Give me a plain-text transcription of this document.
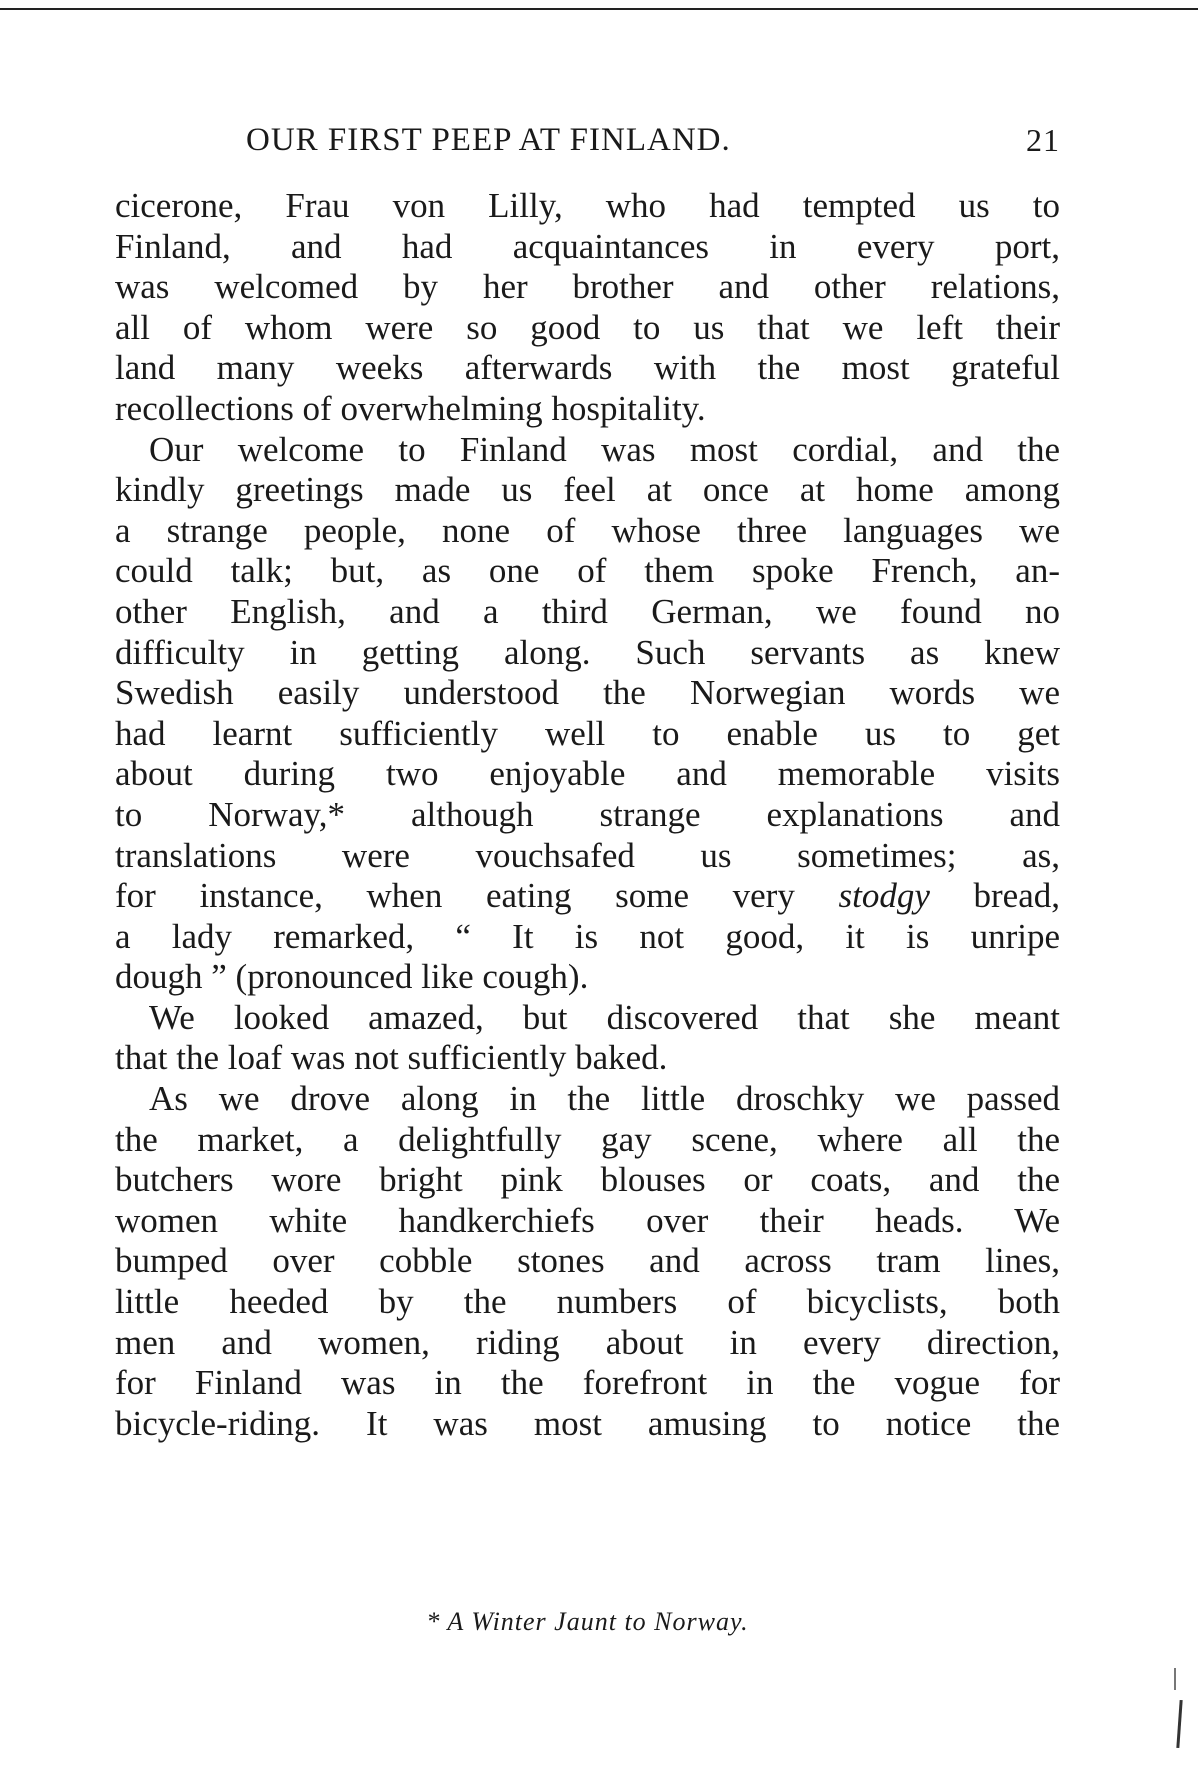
OUR FIRST PEEP AT FINLAND.	21
cicerone, Frau von Lilly, who had tempted us to
Finland, and had acquaintances in every port,
was welcomed by her brother and other relations,
all of whom were so good to us that we left their
land many weeks afterwards with the most grateful
recollections of overwhelming hospitality.
Our welcome to Finland was most cordial, and the
kindly greetings made us feel at once at home among
a strange people, none of whose three languages we
could talk; but, as one of them spoke French, an-
other English, and a third German, we found no
difficulty in getting along. Such servants as knew
Swedish easily understood the Norwegian words we
had learnt sufficiently well to enable us to get
about during two enjoyable and memorable visits
to Norway,* although strange explanations and
translations were vouchsafed us sometimes; as,
for instance, when eating some very stodgy bread,
a lady remarked, “ It is not good, it is unripe
dough ” (pronounced like cough).
We looked amazed, but discovered that she meant
that the loaf was not sufficiently baked.
As we drove along in the little droschky we passed
the market, a delightfully gay scene, where all the
butchers wore bright pink blouses or coats, and the
women white handkerchiefs over their heads. We
bumped over cobble stones and across tram lines,
little heeded by the numbers of bicyclists, both
men and women, riding about in every direction,
for Finland was in the forefront in the vogue for
bicycle-riding. It was most amusing to notice the
* A Winter Jaunt to Norway.
